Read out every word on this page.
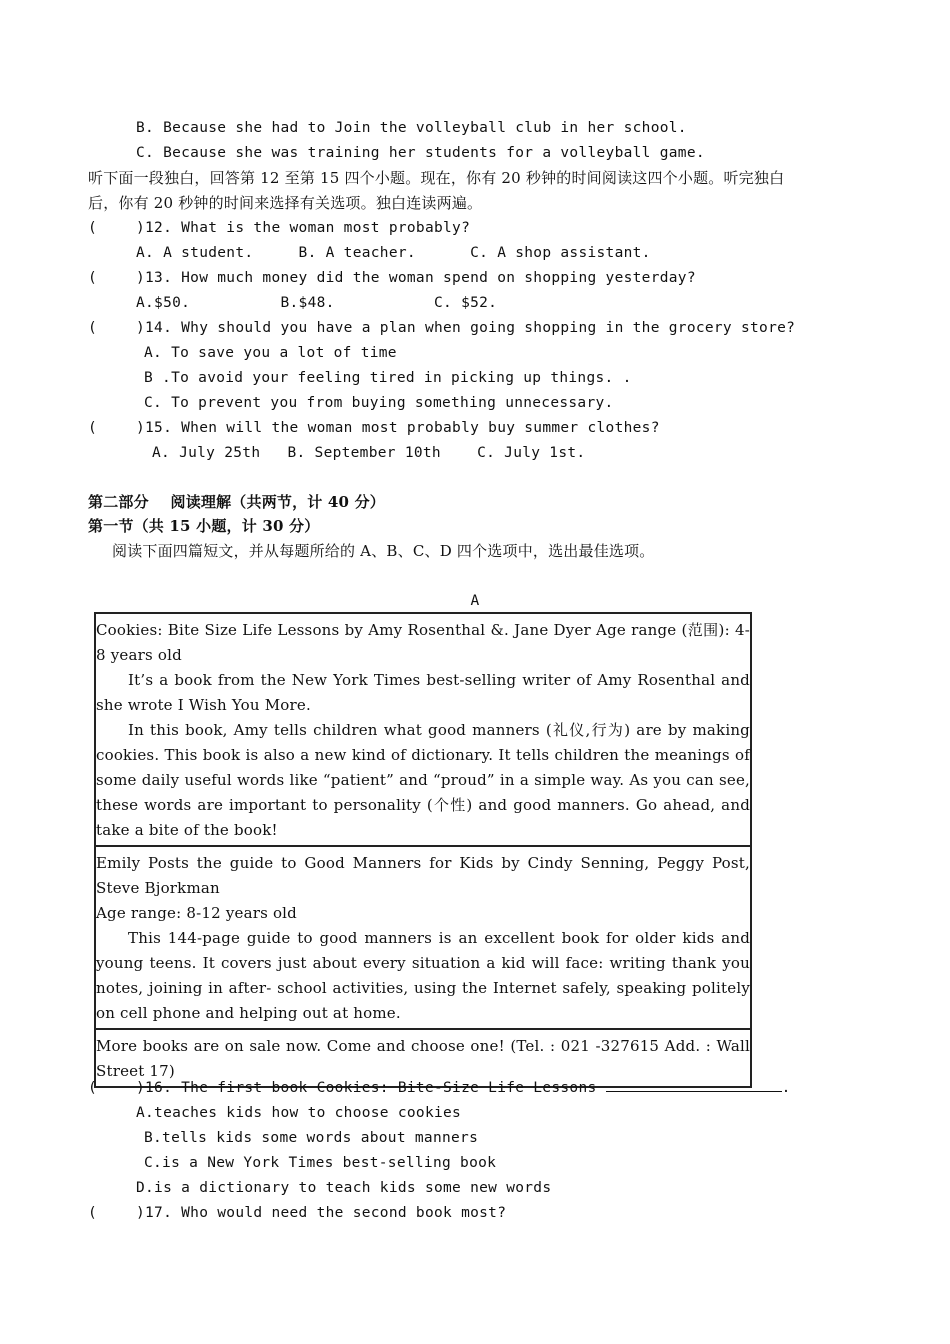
B. Because she had to Join the volleyball club in her school.
C. Because she was training her students for a volleyball game.
听下面一段独白，回答第 12 至第 15 四个小题。现在，你有 20 秒钟的时间阅读这四个小题。听完独白
后，你有 20 秒钟的时间来选择有关选项。独白连读两遍。
(	)12. What is the woman most probably?
A. A student.     B. A teacher.      C. A shop assistant.
(	)13. How much money did the woman spend on shopping yesterday?
A.$50.          B.$48.           C. $52.
(	)14. Why should you have a plan when going shopping in the grocery store?
A. To save you a lot of time
B .To avoid your feeling tired in picking up things. .
C. To prevent you from buying something unnecessary.
(	)15. When will the woman most probably buy summer clothes?
A. July 25th   B. September 10th    C. July 1st.
第二部分    阅读理解（共两节，计 40 分）
第一节（共 15 小题，计 30 分）
阅读下面四篇短文，并从每题所给的 A、B、C、D 四个选项中，选出最佳选项。
A

Cookies: Bite Size Life Lessons by Amy Rosenthal &. Jane Dyer Age range (范围): 4-8 years old

It’s a book from the New York Times best-selling writer of Amy Rosenthal and she wrote I Wish You More.

In this book, Amy tells children what good manners (礼仪,行为) are by making cookies. This book is also a new kind of dictionary. It tells children the meanings of some daily useful words like “patient” and “proud” in a simple way. As you can see, these words are important to personality (个性) and good manners. Go ahead, and take a bite of the book!

Emily Posts the guide to Good Manners for Kids by Cindy Senning, Peggy Post, Steve Bjorkman

Age range: 8-12 years old

This 144-page guide to good manners is an excellent book for older kids and young teens. It covers just about every situation a kid will face: writing thank you notes, joining in after- school activities, using the Internet safely, speaking politely on cell phone and helping out at home.

More books are on sale now. Come and choose one! (Tel. : 021 -327615 Add. : Wall Street 17)

(	)16. The first book Cookies: Bite-Size Life Lessons	.
A.teaches kids how to choose cookies
B.tells kids some words about manners
C.is a New York Times best-selling book
D.is a dictionary to teach kids some new words
(	)17. Who would need the second book most?
